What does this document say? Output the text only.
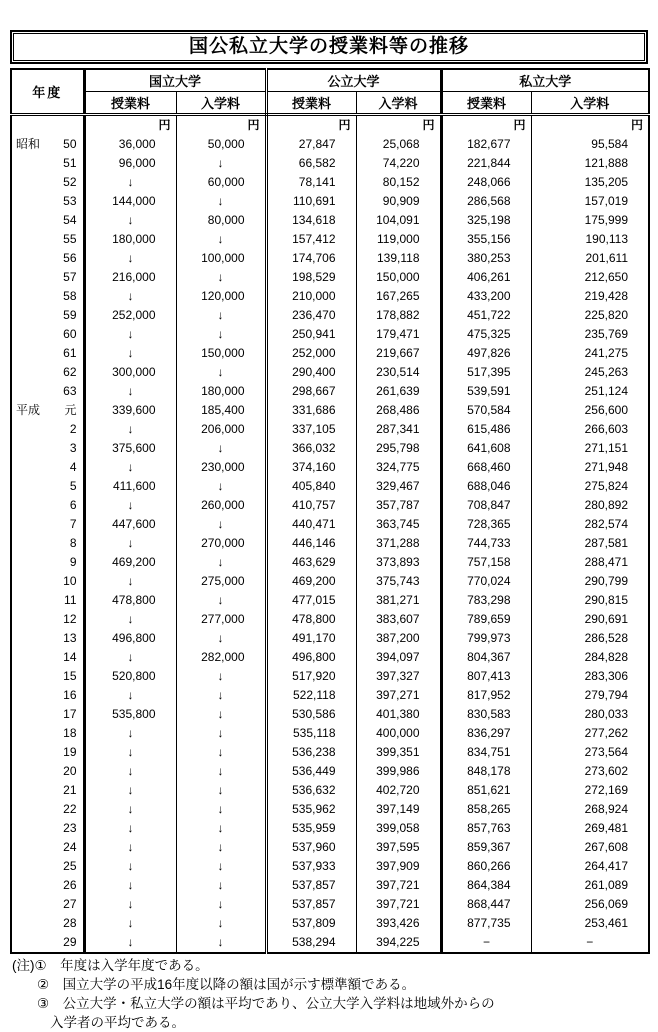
国公私立大学の授業料等の推移
年度	国立大学		公立大学		私立大学	
	授業料	入学料	授業料	入学料	授業料	入学料
	円	円	円	円	円	円

昭和 50	36,000	50,000	27,847	25,068	182,677	95,584

51	96,000	↓	66,582	74,220	221,844	121,888

52	↓	60,000	78,141	80,152	248,066	135,205

53	144,000	↓	110,691	90,909	286,568	157,019

54	↓	80,000	134,618	104,091	325,198	175,999

55	180,000	↓	157,412	119,000	355,156	190,113

56	↓	100,000	174,706	139,118	380,253	201,611

57	216,000	↓	198,529	150,000	406,261	212,650

58	↓	120,000	210,000	167,265	433,200	219,428

59	252,000	↓	236,470	178,882	451,722	225,820

60	↓	↓	250,941	179,471	475,325	235,769

61	↓	150,000	252,000	219,667	497,826	241,275

62	300,000	↓	290,400	230,514	517,395	245,263

63	↓	180,000	298,667	261,639	539,591	251,124

平成 元	339,600	185,400	331,686	268,486	570,584	256,600

2	↓	206,000	337,105	287,341	615,486	266,603

3	375,600	↓	366,032	295,798	641,608	271,151

4	↓	230,000	374,160	324,775	668,460	271,948

5	411,600	↓	405,840	329,467	688,046	275,824

6	↓	260,000	410,757	357,787	708,847	280,892

7	447,600	↓	440,471	363,745	728,365	282,574

8	↓	270,000	446,146	371,288	744,733	287,581

9	469,200	↓	463,629	373,893	757,158	288,471

10	↓	275,000	469,200	375,743	770,024	290,799

11	478,800	↓	477,015	381,271	783,298	290,815

12	↓	277,000	478,800	383,607	789,659	290,691

13	496,800	↓	491,170	387,200	799,973	286,528

14	↓	282,000	496,800	394,097	804,367	284,828

15	520,800	↓	517,920	397,327	807,413	283,306

16	↓	↓	522,118	397,271	817,952	279,794

17	535,800	↓	530,586	401,380	830,583	280,033

18	↓	↓	535,118	400,000	836,297	277,262

19	↓	↓	536,238	399,351	834,751	273,564

20	↓	↓	536,449	399,986	848,178	273,602

21	↓	↓	536,632	402,720	851,621	272,169

22	↓	↓	535,962	397,149	858,265	268,924

23	↓	↓	535,959	399,058	857,763	269,481

24	↓	↓	537,960	397,595	859,367	267,608

25	↓	↓	537,933	397,909	860,266	264,417

26	↓	↓	537,857	397,721	864,384	261,089

27	↓	↓	537,857	397,721	868,447	256,069

28	↓	↓	537,809	393,426	877,735	253,461

29	↓	↓	538,294	394,225	−	−
(注)①　年度は入学年度である。
②　国立大学の平成16年度以降の額は国が示す標準額である。
③　公立大学・私立大学の額は平均であり、公立大学入学料は地域外からの
入学者の平均である。
